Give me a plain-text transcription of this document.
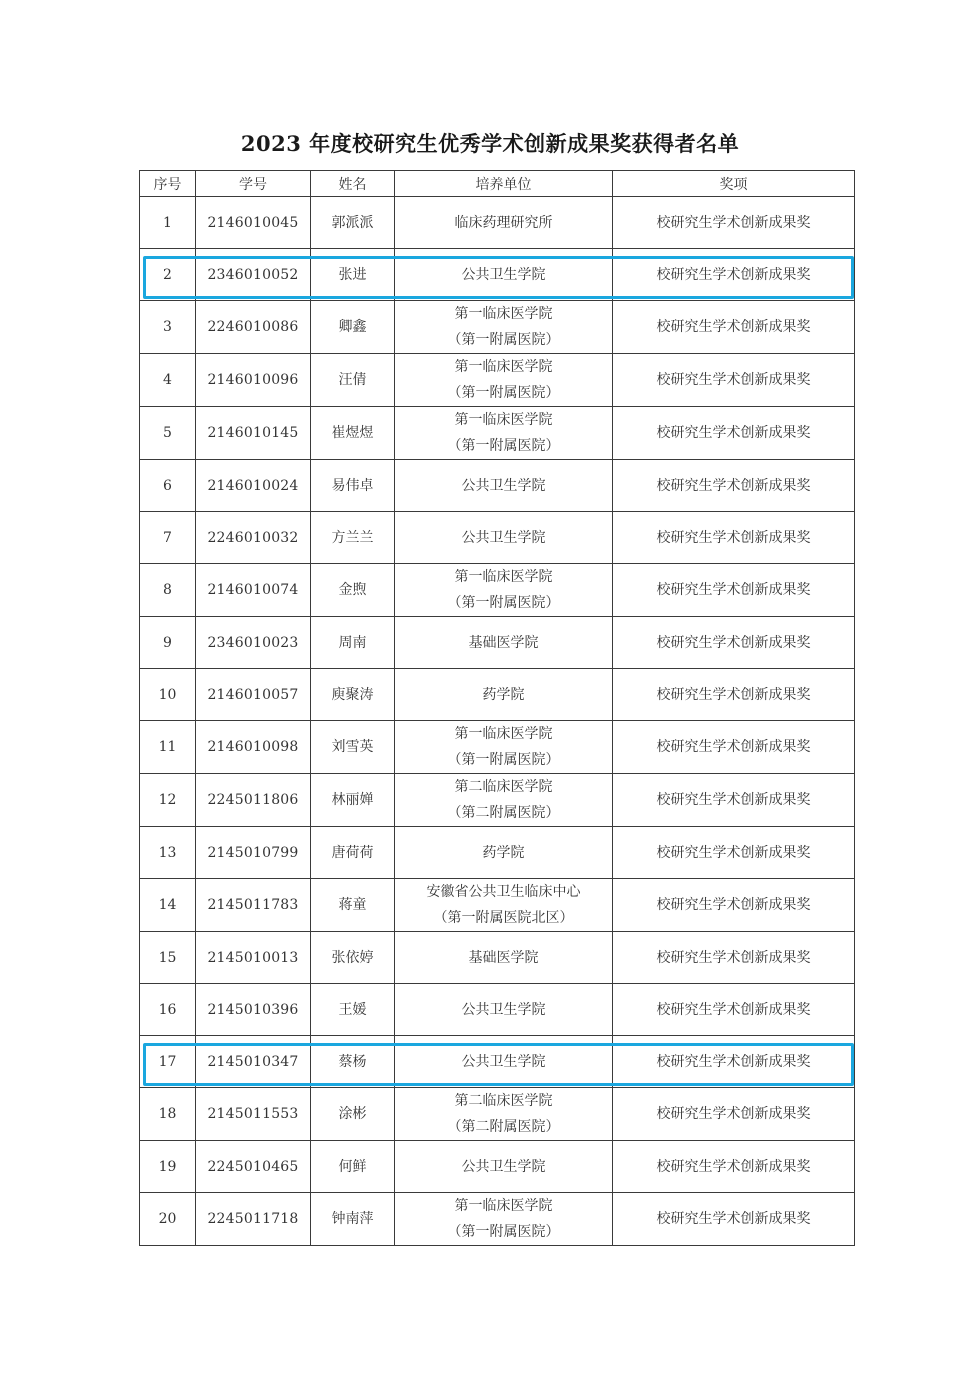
2023 年度校研究生优秀学术创新成果奖获得者名单
序号	学号	姓名	培养单位	奖项
1	2146010045	郭派派	临床药理研究所	校研究生学术创新成果奖
2	2346010052	张进	公共卫生学院	校研究生学术创新成果奖
3	2246010086	卿鑫	第一临床医学院
（第一附属医院）	校研究生学术创新成果奖
4	2146010096	汪倩	第一临床医学院
（第一附属医院）	校研究生学术创新成果奖
5	2146010145	崔煜煜	第一临床医学院
（第一附属医院）	校研究生学术创新成果奖
6	2146010024	易伟卓	公共卫生学院	校研究生学术创新成果奖
7	2246010032	方兰兰	公共卫生学院	校研究生学术创新成果奖
8	2146010074	金煦	第一临床医学院
（第一附属医院）	校研究生学术创新成果奖
9	2346010023	周南	基础医学院	校研究生学术创新成果奖
10	2146010057	庾聚涛	药学院	校研究生学术创新成果奖
11	2146010098	刘雪英	第一临床医学院
（第一附属医院）	校研究生学术创新成果奖
12	2245011806	林丽婵	第二临床医学院
（第二附属医院）	校研究生学术创新成果奖
13	2145010799	唐荷荷	药学院	校研究生学术创新成果奖
14	2145011783	蒋童	安徽省公共卫生临床中心
（第一附属医院北区）	校研究生学术创新成果奖
15	2145010013	张依婷	基础医学院	校研究生学术创新成果奖
16	2145010396	王媛	公共卫生学院	校研究生学术创新成果奖
17	2145010347	蔡杨	公共卫生学院	校研究生学术创新成果奖
18	2145011553	涂彬	第二临床医学院
（第二附属医院）	校研究生学术创新成果奖
19	2245010465	何鲜	公共卫生学院	校研究生学术创新成果奖
20	2245011718	钟南萍	第一临床医学院
（第一附属医院）	校研究生学术创新成果奖
